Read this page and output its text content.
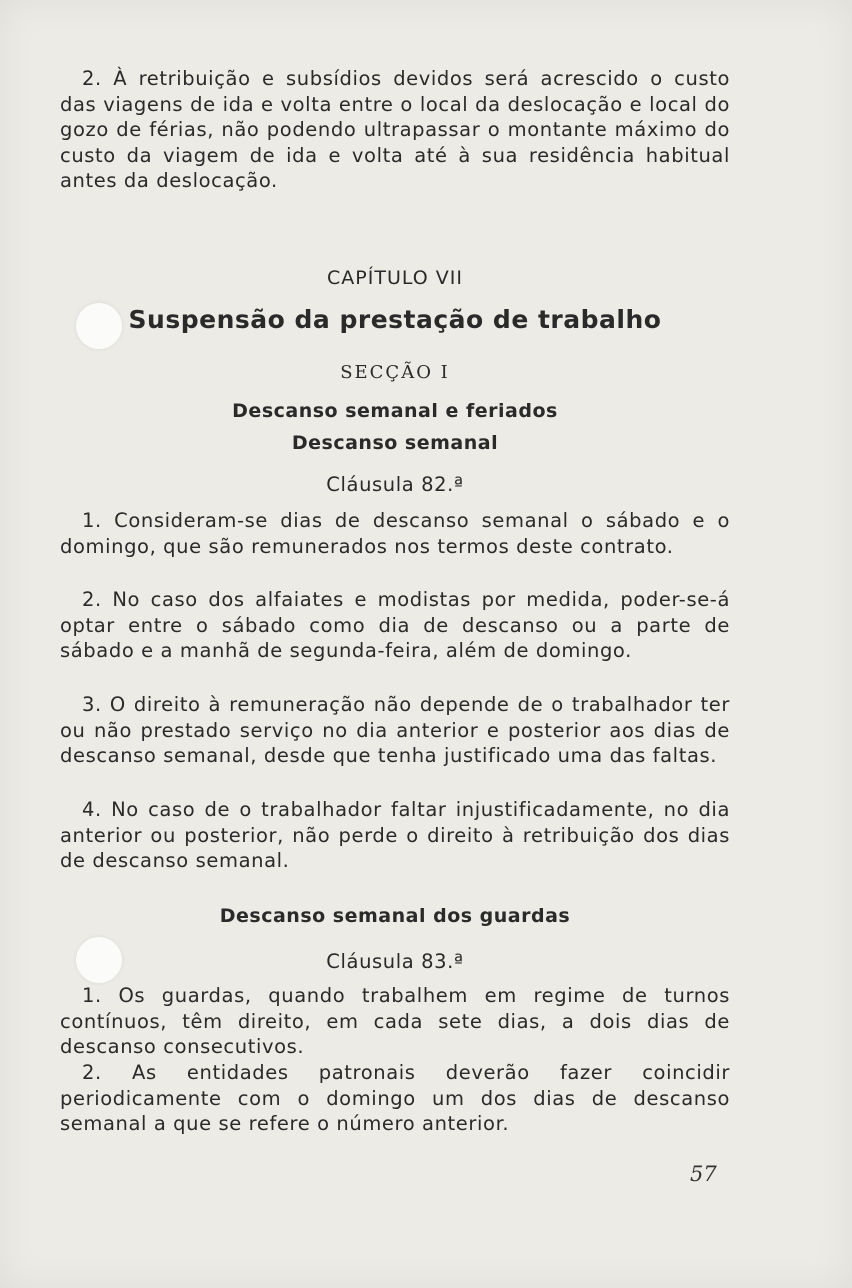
2. À retribuição e subsídios devidos será acrescido o custo das viagens de ida e volta entre o local da deslocação e local do gozo de férias, não podendo ultrapassar o montante máximo do custo da viagem de ida e volta até à sua residência habitual antes da deslocação.

CAPÍTULO VII
Suspensão da prestação de trabalho
SECÇÃO I
Descanso semanal e feriados
Descanso semanal
Cláusula 82.ª

1. Consideram-se dias de descanso semanal o sábado e o domingo, que são remunerados nos termos deste contrato.

2. No caso dos alfaiates e modistas por medida, poder-se-á optar entre o sábado como dia de descanso ou a parte de sábado e a manhã de segunda-feira, além de domingo.

3. O direito à remuneração não depende de o trabalhador ter ou não prestado serviço no dia anterior e posterior aos dias de descanso semanal, desde que tenha justificado uma das faltas.

4. No caso de o trabalhador faltar injustificadamente, no dia anterior ou posterior, não perde o direito à retribuição dos dias de descanso semanal.

Descanso semanal dos guardas
Cláusula 83.ª

1. Os guardas, quando trabalhem em regime de turnos contínuos, têm direito, em cada sete dias, a dois dias de descanso consecutivos.

2. As entidades patronais deverão fazer coincidir periodicamente com o domingo um dos dias de descanso semanal a que se refere o número anterior.

57
